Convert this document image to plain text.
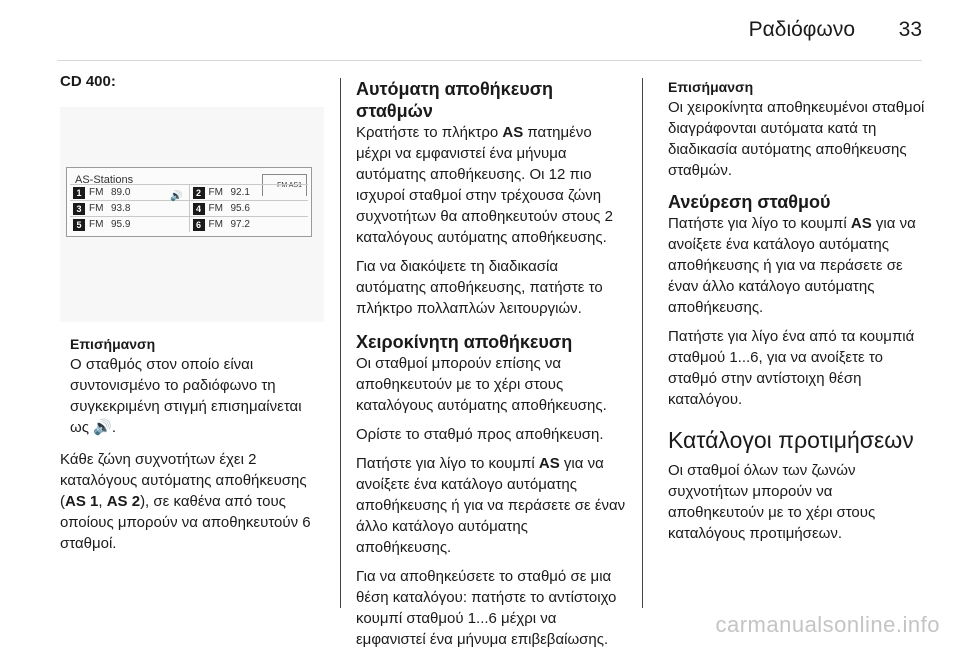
Ραδιόφωνο 33

CD 400:

AS-Stations	FM AS1
1 FM 89.0	🔊	2 FM 92.1
3 FM 93.8	4 FM 95.6
5 FM 95.9	6 FM 97.2

Επισήμανση

Ο σταθμός στον οποίο είναι συντονισμένο το ραδιόφωνο τη συγκεκριμένη στιγμή επισημαίνεται ως 🔊.

Κάθε ζώνη συχνοτήτων έχει 2 καταλόγους αυτόματης αποθήκευσης (AS 1, AS 2), σε καθένα από τους οποίους μπορούν να αποθηκευτούν 6 σταθμοί.

Αυτόματη αποθήκευση σταθμών

Κρατήστε το πλήκτρο AS πατημένο μέχρι να εμφανιστεί ένα μήνυμα αυτόματης αποθήκευσης. Οι 12 πιο ισχυροί σταθμοί στην τρέχουσα ζώνη συχνοτήτων θα αποθηκευτούν στους 2 καταλόγους αυτόματης αποθήκευσης.

Για να διακόψετε τη διαδικασία αυτόματης αποθήκευσης, πατήστε το πλήκτρο πολλαπλών λειτουργιών.

Χειροκίνητη αποθήκευση

Οι σταθμοί μπορούν επίσης να αποθηκευτούν με το χέρι στους καταλόγους αυτόματης αποθήκευσης.

Ορίστε το σταθμό προς αποθήκευση.

Πατήστε για λίγο το κουμπί AS για να ανοίξετε ένα κατάλογο αυτόματης αποθήκευσης ή για να περάσετε σε έναν άλλο κατάλογο αυτόματης αποθήκευσης.

Για να αποθηκεύσετε το σταθμό σε μια θέση καταλόγου: πατήστε το αντίστοιχο κουμπί σταθμού 1...6 μέχρι να εμφανιστεί ένα μήνυμα επιβεβαίωσης.

Επισήμανση

Οι χειροκίνητα αποθηκευμένοι σταθμοί διαγράφονται αυτόματα κατά τη διαδικασία αυτόματης αποθήκευσης σταθμών.

Ανεύρεση σταθμού

Πατήστε για λίγο το κουμπί AS για να ανοίξετε ένα κατάλογο αυτόματης αποθήκευσης ή για να περάσετε σε έναν άλλο κατάλογο αυτόματης αποθήκευσης.

Πατήστε για λίγο ένα από τα κουμπιά σταθμού 1...6, για να ανοίξετε το σταθμό στην αντίστοιχη θέση καταλόγου.

Κατάλογοι προτιμήσεων

Οι σταθμοί όλων των ζωνών συχνοτήτων μπορούν να αποθηκευτούν με το χέρι στους καταλόγους προτιμήσεων.

carmanualsonline.info
